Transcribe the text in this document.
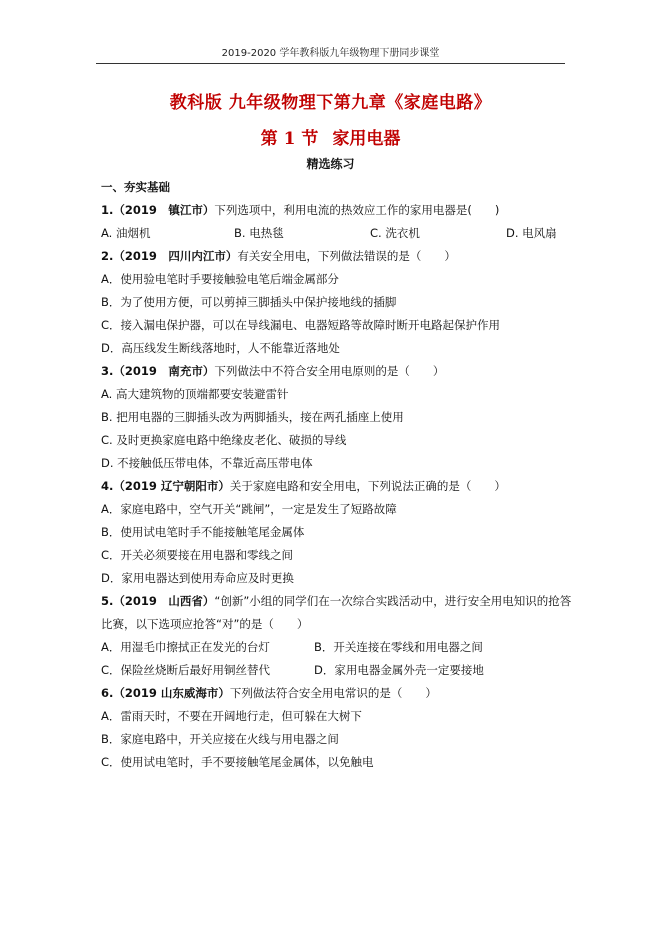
2019-2020 学年教科版九年级物理下册同步课堂
教科版 九年级物理下第九章《家庭电路》
第 1 节 家用电器
精选练习
一、夯实基础
1.（2019　镇江市）下列选项中，利用电流的热效应工作的家用电器是(　　)
A. 油烟机	B. 电热毯	C. 洗衣机	D. 电风扇
2.（2019　四川内江市）有关安全用电，下列做法错误的是（　　）
A．使用验电笔时手要接触验电笔后端金属部分
B．为了使用方便，可以剪掉三脚插头中保护接地线的插脚
C．接入漏电保护器，可以在导线漏电、电器短路等故障时断开电路起保护作用
D．高压线发生断线落地时，人不能靠近落地处
3.（2019　南充市）下列做法中不符合安全用电原则的是（　　）
A. 高大建筑物的顶端都要安装避雷针
B. 把用电器的三脚插头改为两脚插头，接在两孔插座上使用
C. 及时更换家庭电路中绝缘皮老化、破损的导线
D. 不接触低压带电体，不靠近高压带电体
4.（2019 辽宁朝阳市）关于家庭电路和安全用电，下列说法正确的是（　　）
A．家庭电路中，空气开关“跳闸”，一定是发生了短路故障
B．使用试电笔时手不能接触笔尾金属体
C．开关必须要接在用电器和零线之间
D．家用电器达到使用寿命应及时更换
5.（2019　山西省）“创新”小组的同学们在一次综合实践活动中，进行安全用电知识的抢答
比赛，以下选项应抢答“对”的是（　　）
A．用湿毛巾擦拭正在发光的台灯	B．开关连接在零线和用电器之间
C．保险丝烧断后最好用铜丝替代	D．家用电器金属外壳一定要接地
6.（2019 山东威海市）下列做法符合安全用电常识的是（　　）
A．雷雨天时，不要在开阔地行走，但可躲在大树下
B．家庭电路中，开关应接在火线与用电器之间
C．使用试电笔时，手不要接触笔尾金属体，以免触电
